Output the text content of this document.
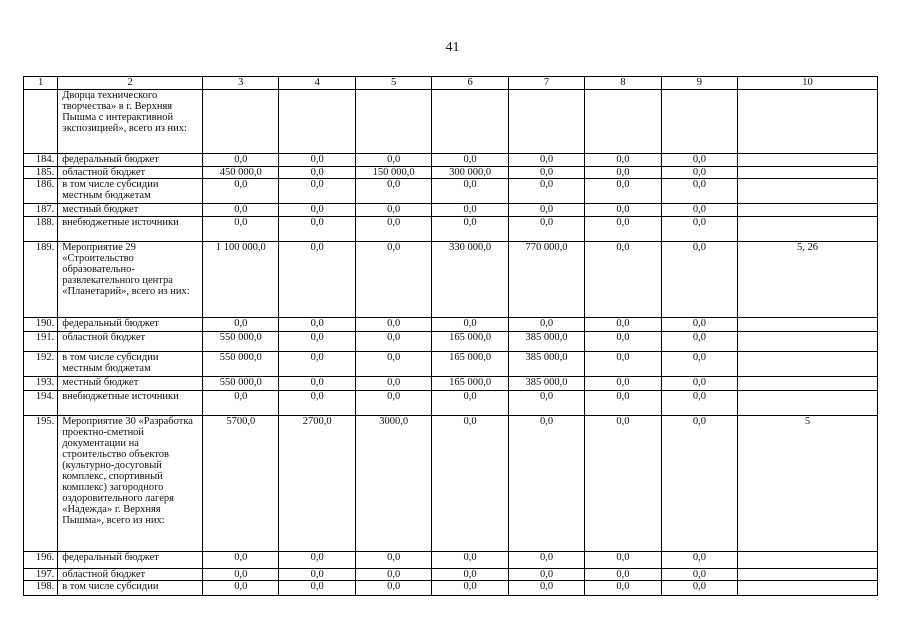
41
1	2	3	4	5	6	7	8	9	10
	Дворца технического творчества» в г. Верхняя Пышма с интерактивной экспозицией», всего из них:								
184.	федеральный бюджет	0,0	0,0	0,0	0,0	0,0	0,0	0,0	
185.	областной бюджет	450 000,0	0,0	150 000,0	300 000,0	0,0	0,0	0,0	
186.	в том числе субсидии местным бюджетам	0,0	0,0	0,0	0,0	0,0	0,0	0,0	
187.	местный бюджет	0,0	0,0	0,0	0,0	0,0	0,0	0,0	
188.	внебюджетные источники	0,0	0,0	0,0	0,0	0,0	0,0	0,0	
189.	Мероприятие 29 «Строительство образовательно-развлекательного центра «Планетарий», всего из них:	1 100 000,0	0,0	0,0	330 000,0	770 000,0	0,0	0,0	5, 26
190.	федеральный бюджет	0,0	0,0	0,0	0,0	0,0	0,0	0,0	
191.	областной бюджет	550 000,0	0,0	0,0	165 000,0	385 000,0	0,0	0,0	
192.	в том числе субсидии местным бюджетам	550 000,0	0,0	0,0	165 000,0	385 000,0	0,0	0,0	
193.	местный бюджет	550 000,0	0,0	0,0	165 000,0	385 000,0	0,0	0,0	
194.	внебюджетные источники	0,0	0,0	0,0	0,0	0,0	0,0	0,0	
195.	Мероприятие 30 «Разработка проектно-сметной документации на строительство объектов (культурно-досуговый комплекс, спортивный комплекс) загородного оздоровительного лагеря «Надежда» г. Верхняя Пышма», всего из них:	5700,0	2700,0	3000,0	0,0	0,0	0,0	0,0	5
196.	федеральный бюджет	0,0	0,0	0,0	0,0	0,0	0,0	0,0	
197.	областной бюджет	0,0	0,0	0,0	0,0	0,0	0,0	0,0	
198.	в том числе субсидии	0,0	0,0	0,0	0,0	0,0	0,0	0,0	
